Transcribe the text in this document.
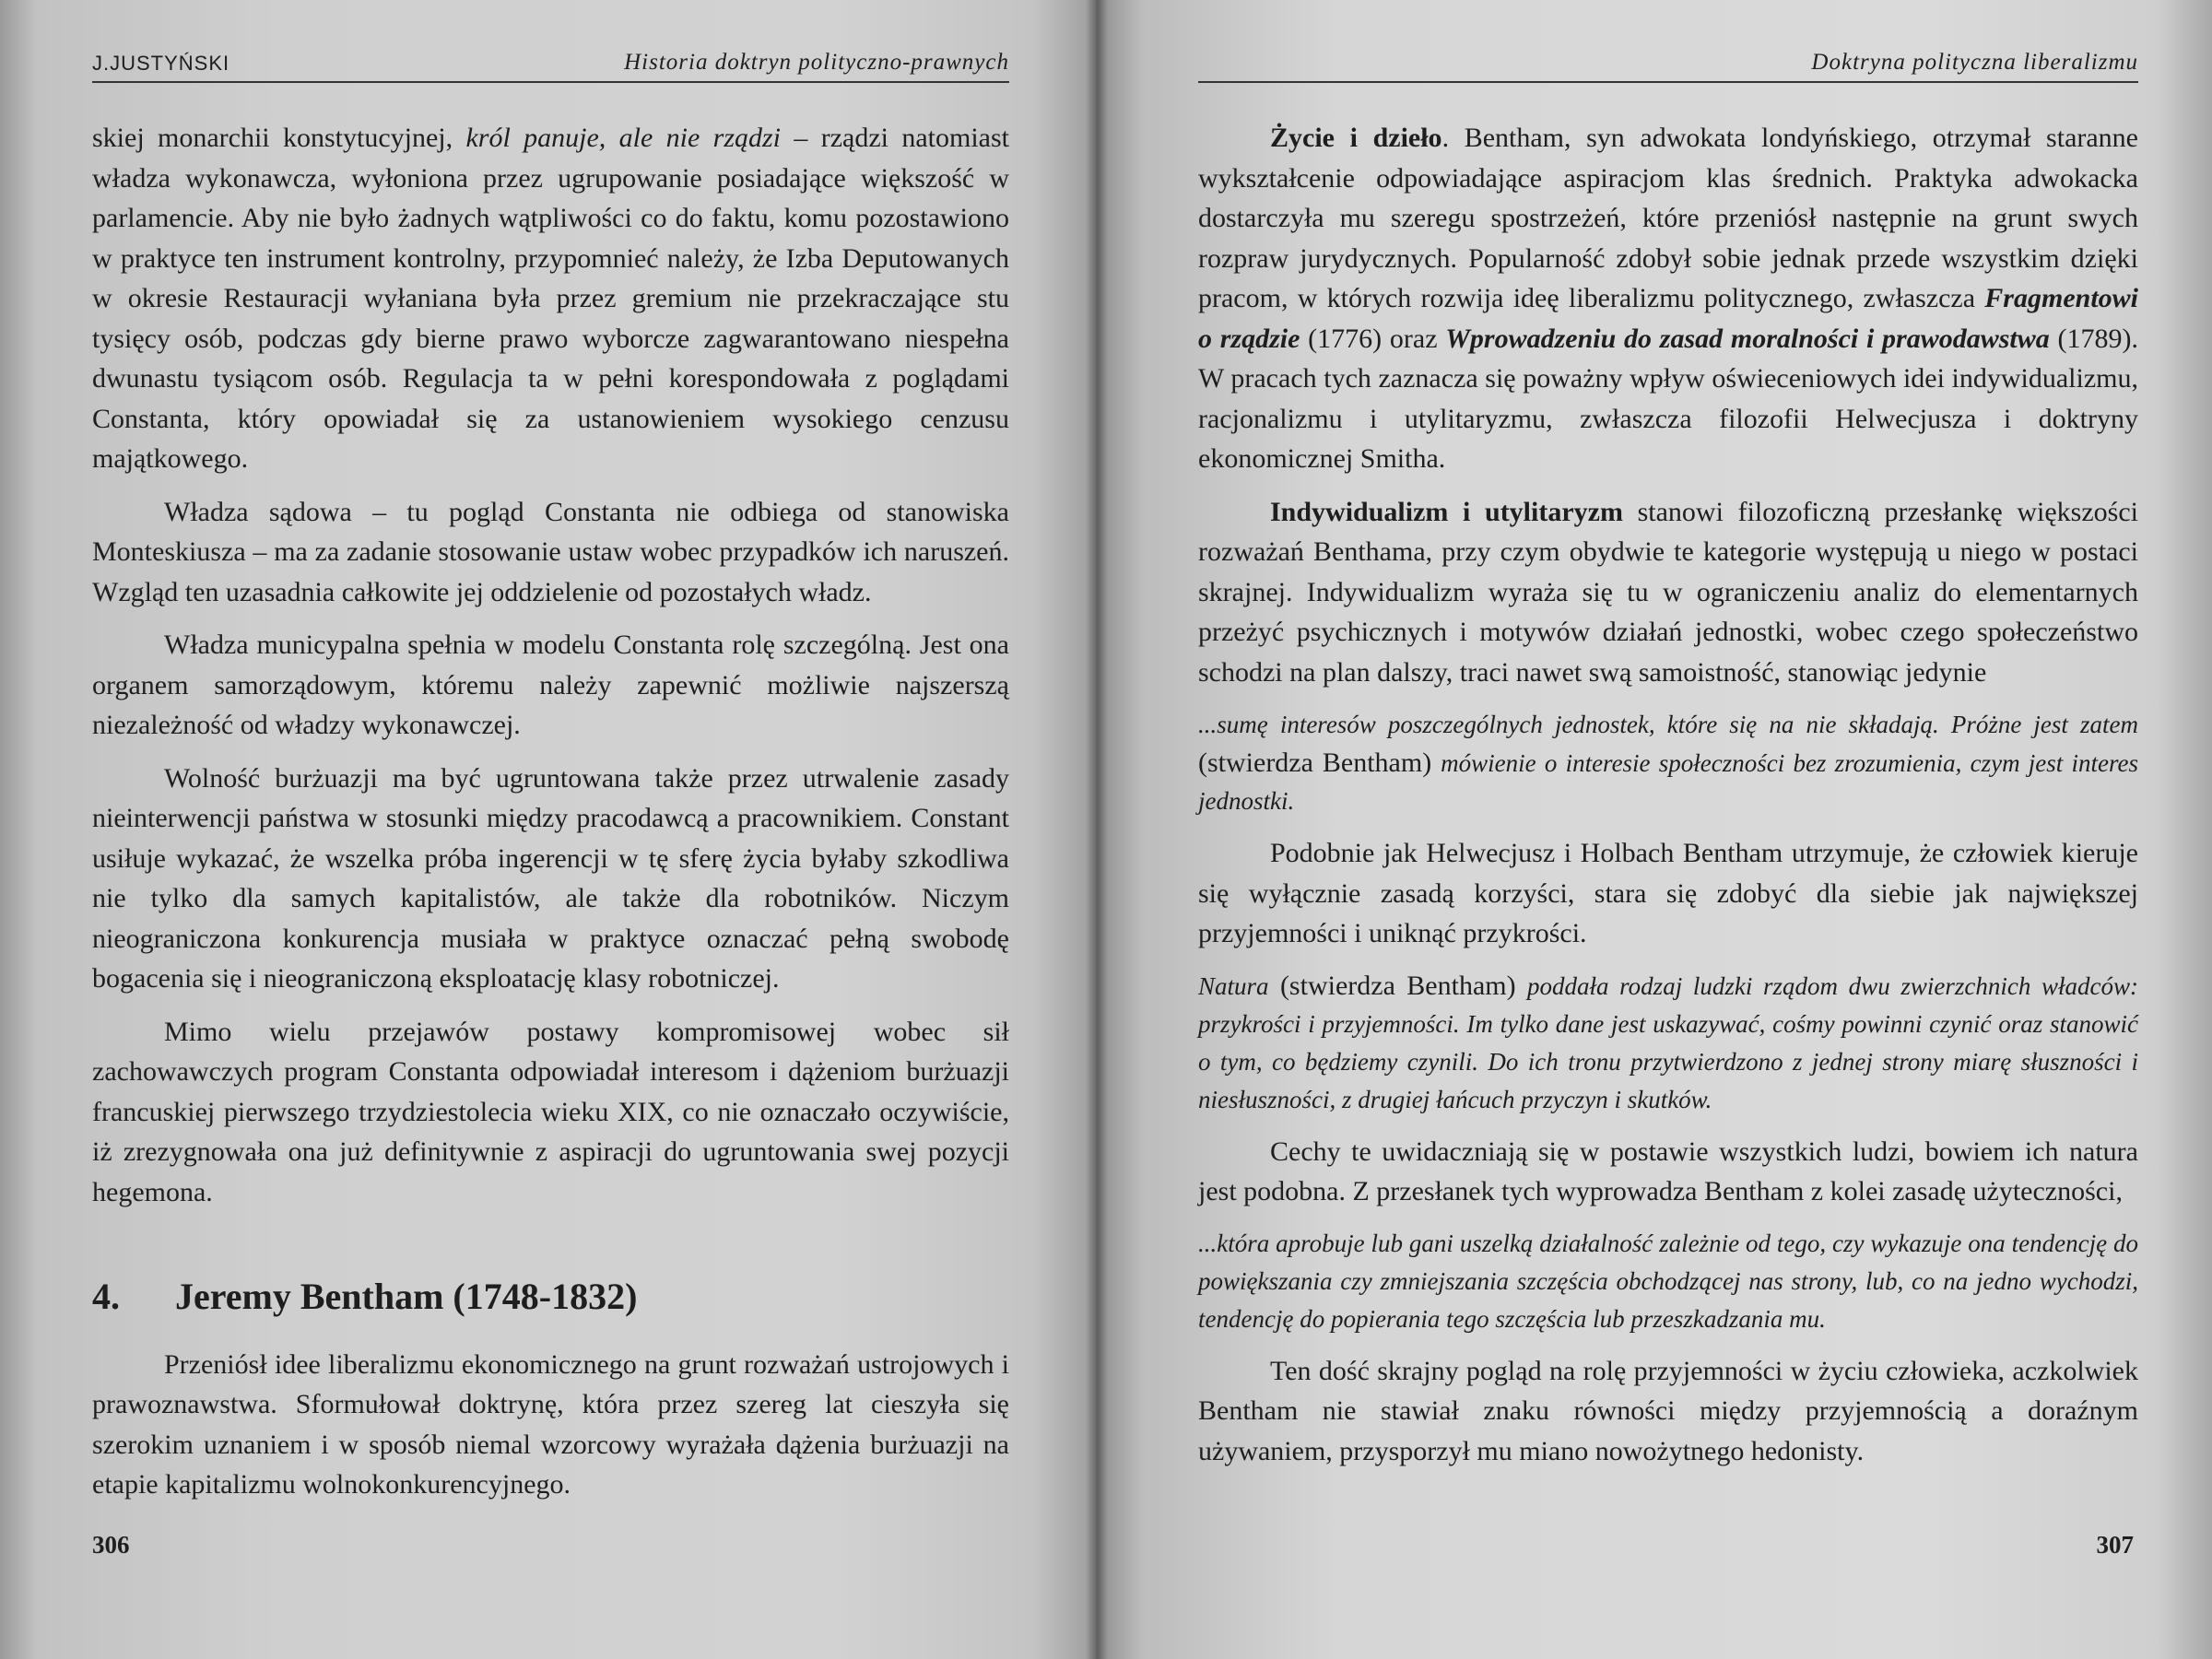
J.JUSTYŃSKI	Historia doktryn polityczno-prawnych

skiej monarchii konstytucyjnej, król panuje, ale nie rządzi – rządzi natomiast władza wykonawcza, wyłoniona przez ugrupowanie posiadające większość w parlamencie. Aby nie było żadnych wątpliwości co do faktu, komu pozostawiono w praktyce ten instrument kontrolny, przypomnieć należy, że Izba Deputowanych w okresie Restauracji wyłaniana była przez gremium nie przekraczające stu tysięcy osób, podczas gdy bierne prawo wyborcze zagwarantowano niespełna dwunastu tysiącom osób. Regulacja ta w pełni korespondowała z poglądami Constanta, który opowiadał się za ustanowieniem wysokiego cenzusu majątkowego.

Władza sądowa – tu pogląd Constanta nie odbiega od stanowiska Monteskiusza – ma za zadanie stosowanie ustaw wobec przypadków ich naruszeń. Wzgląd ten uzasadnia całkowite jej oddzielenie od pozostałych władz.

Władza municypalna spełnia w modelu Constanta rolę szczególną. Jest ona organem samorządowym, któremu należy zapewnić możliwie najszerszą niezależność od władzy wykonawczej.

Wolność burżuazji ma być ugruntowana także przez utrwalenie zasady nieinterwencji państwa w stosunki między pracodawcą a pracownikiem. Constant usiłuje wykazać, że wszelka próba ingerencji w tę sferę życia byłaby szkodliwa nie tylko dla samych kapitalistów, ale także dla robotników. Niczym nieograniczona konkurencja musiała w praktyce oznaczać pełną swobodę bogacenia się i nieograniczoną eksploatację klasy robotniczej.

Mimo wielu przejawów postawy kompromisowej wobec sił zachowawczych program Constanta odpowiadał interesom i dążeniom burżuazji francuskiej pierwszego trzydziestolecia wieku XIX, co nie oznaczało oczywiście, iż zrezygnowała ona już definitywnie z aspiracji do ugruntowania swej pozycji hegemona.

4. Jeremy Bentham (1748-1832)

Przeniósł idee liberalizmu ekonomicznego na grunt rozważań ustrojowych i prawoznawstwa. Sformułował doktrynę, która przez szereg lat cieszyła się szerokim uznaniem i w sposób niemal wzorcowy wyrażała dążenia burżuazji na etapie kapitalizmu wolnokonkurencyjnego.

306
Doktryna polityczna liberalizmu

Życie i dzieło. Bentham, syn adwokata londyńskiego, otrzymał staranne wykształcenie odpowiadające aspiracjom klas średnich. Praktyka adwokacka dostarczyła mu szeregu spostrzeżeń, które przeniósł następnie na grunt swych rozpraw jurydycznych. Popularność zdobył sobie jednak przede wszystkim dzięki pracom, w których rozwija ideę liberalizmu politycznego, zwłaszcza Fragmentowi o rządzie (1776) oraz Wprowadzeniu do zasad moralności i prawodawstwa (1789). W pracach tych zaznacza się poważny wpływ oświeceniowych idei indywidualizmu, racjonalizmu i utylitaryzmu, zwłaszcza filozofii Helwecjusza i doktryny ekonomicznej Smitha.

Indywidualizm i utylitaryzm stanowi filozoficzną przesłankę większości rozważań Benthama, przy czym obydwie te kategorie występują u niego w postaci skrajnej. Indywidualizm wyraża się tu w ograniczeniu analiz do elementarnych przeżyć psychicznych i motywów działań jednostki, wobec czego społeczeństwo schodzi na plan dalszy, traci nawet swą samoistność, stanowiąc jedynie

...sumę interesów poszczególnych jednostek, które się na nie składają. Próżne jest zatem (stwierdza Bentham) mówienie o interesie społeczności bez zrozumienia, czym jest interes jednostki.

Podobnie jak Helwecjusz i Holbach Bentham utrzymuje, że człowiek kieruje się wyłącznie zasadą korzyści, stara się zdobyć dla siebie jak największej przyjemności i uniknąć przykrości.

Natura (stwierdza Bentham) poddała rodzaj ludzki rządom dwu zwierzchnich władców: przykrości i przyjemności. Im tylko dane jest uskazywać, cośmy powinni czynić oraz stanowić o tym, co będziemy czynili. Do ich tronu przytwierdzono z jednej strony miarę słuszności i niesłuszności, z drugiej łańcuch przyczyn i skutków.

Cechy te uwidaczniają się w postawie wszystkich ludzi, bowiem ich natura jest podobna. Z przesłanek tych wyprowadza Bentham z kolei zasadę użyteczności,

...która aprobuje lub gani uszelką działalność zależnie od tego, czy wykazuje ona tendencję do powiększania czy zmniejszania szczęścia obchodzącej nas strony, lub, co na jedno wychodzi, tendencję do popierania tego szczęścia lub przeszkadzania mu.

Ten dość skrajny pogląd na rolę przyjemności w życiu człowieka, aczkolwiek Bentham nie stawiał znaku równości między przyjemnością a doraźnym używaniem, przysporzył mu miano nowożytnego hedonisty.

307
